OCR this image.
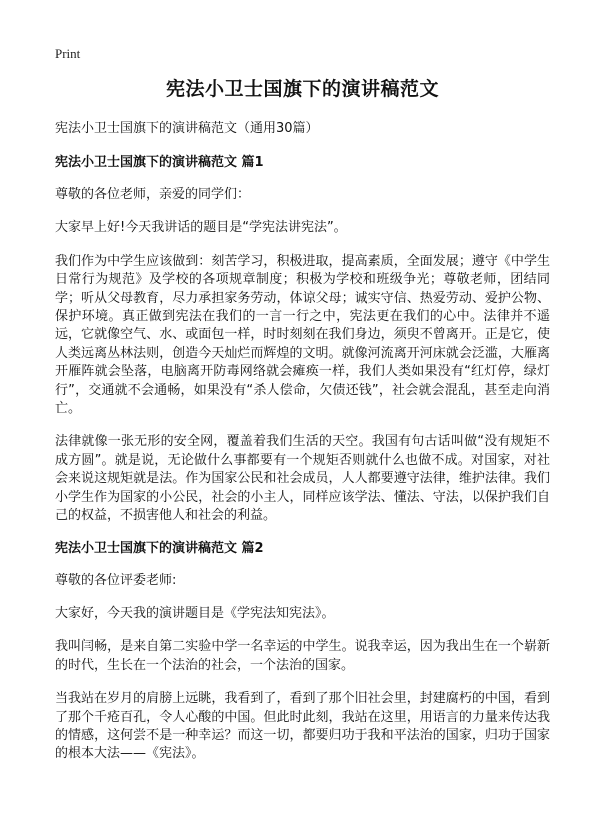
Print
宪法小卫士国旗下的演讲稿范文

宪法小卫士国旗下的演讲稿范文（通用30篇）

宪法小卫士国旗下的演讲稿范文 篇1

尊敬的各位老师，亲爱的同学们：

大家早上好!今天我讲话的题目是“学宪法讲宪法”。

我们作为中学生应该做到：刻苦学习，积极进取，提高素质，全面发展；遵守《中学生日常行为规范》及学校的各项规章制度；积极为学校和班级争光；尊敬老师，团结同学；听从父母教育，尽力承担家务劳动，体谅父母；诚实守信、热爱劳动、爱护公物、保护环境。真正做到宪法在我们的一言一行之中，宪法更在我们的心中。法律并不遥远，它就像空气、水、或面包一样，时时刻刻在我们身边，须臾不曾离开。正是它，使人类远离丛林法则，创造今天灿烂而辉煌的文明。就像河流离开河床就会泛滥，大雁离开雁阵就会坠落，电脑离开防毒网络就会瘫痪一样，我们人类如果没有“红灯停，绿灯行”，交通就不会通畅，如果没有“杀人偿命，欠债还钱”，社会就会混乱，甚至走向消亡。

法律就像一张无形的安全网，覆盖着我们生活的天空。我国有句古话叫做“没有规矩不成方圆”。就是说，无论做什么事都要有一个规矩否则就什么也做不成。对国家，对社会来说这规矩就是法。作为国家公民和社会成员，人人都要遵守法律，维护法律。我们小学生作为国家的小公民，社会的小主人，同样应该学法、懂法、守法，以保护我们自己的权益，不损害他人和社会的利益。

宪法小卫士国旗下的演讲稿范文 篇2

尊敬的各位评委老师:

大家好，今天我的演讲题目是《学宪法知宪法》。

我叫闫畅，是来自第二实验中学一名幸运的中学生。说我幸运，因为我出生在一个崭新的时代，生长在一个法治的社会，一个法治的国家。

当我站在岁月的肩膀上远眺，我看到了，看到了那个旧社会里，封建腐朽的中国，看到了那个千疮百孔，令人心酸的中国。但此时此刻，我站在这里，用语言的力量来传达我的情感，这何尝不是一种幸运？而这一切，都要归功于我和平法治的国家，归功于国家的根本大法——《宪法》。
